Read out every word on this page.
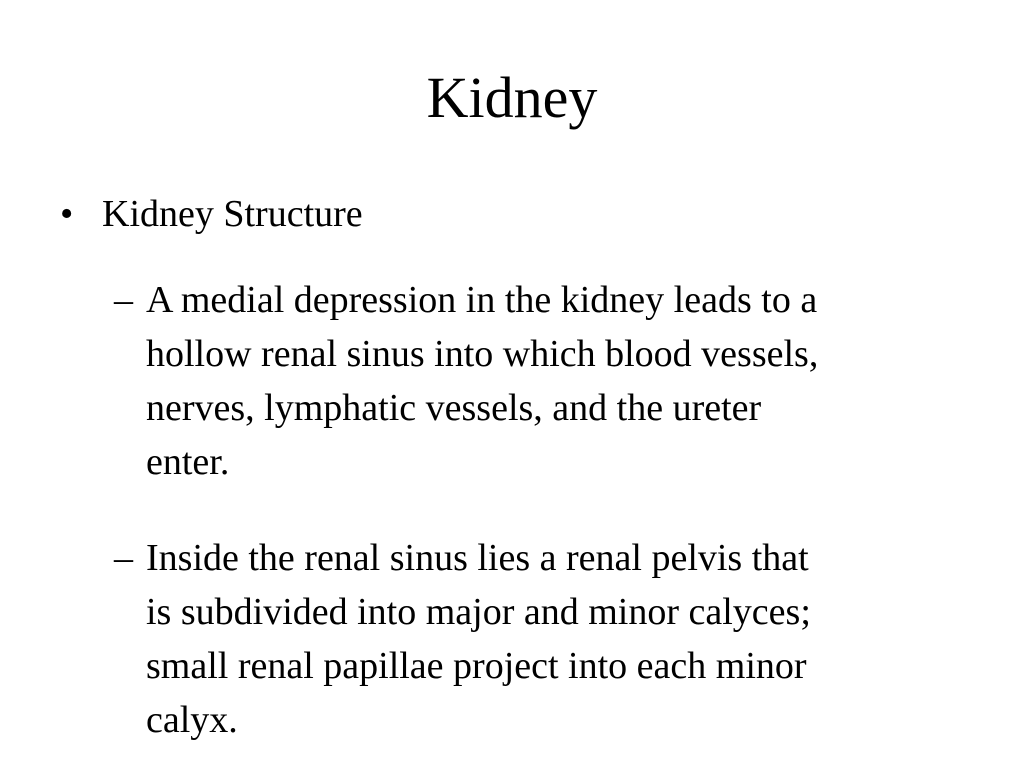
Kidney
• Kidney Structure
– A medial depression in the kidney leads to a
hollow renal sinus into which blood vessels,
nerves, lymphatic vessels, and the ureter
enter.
– Inside the renal sinus lies a renal pelvis that
is subdivided into major and minor calyces;
small renal papillae project into each minor
calyx.
